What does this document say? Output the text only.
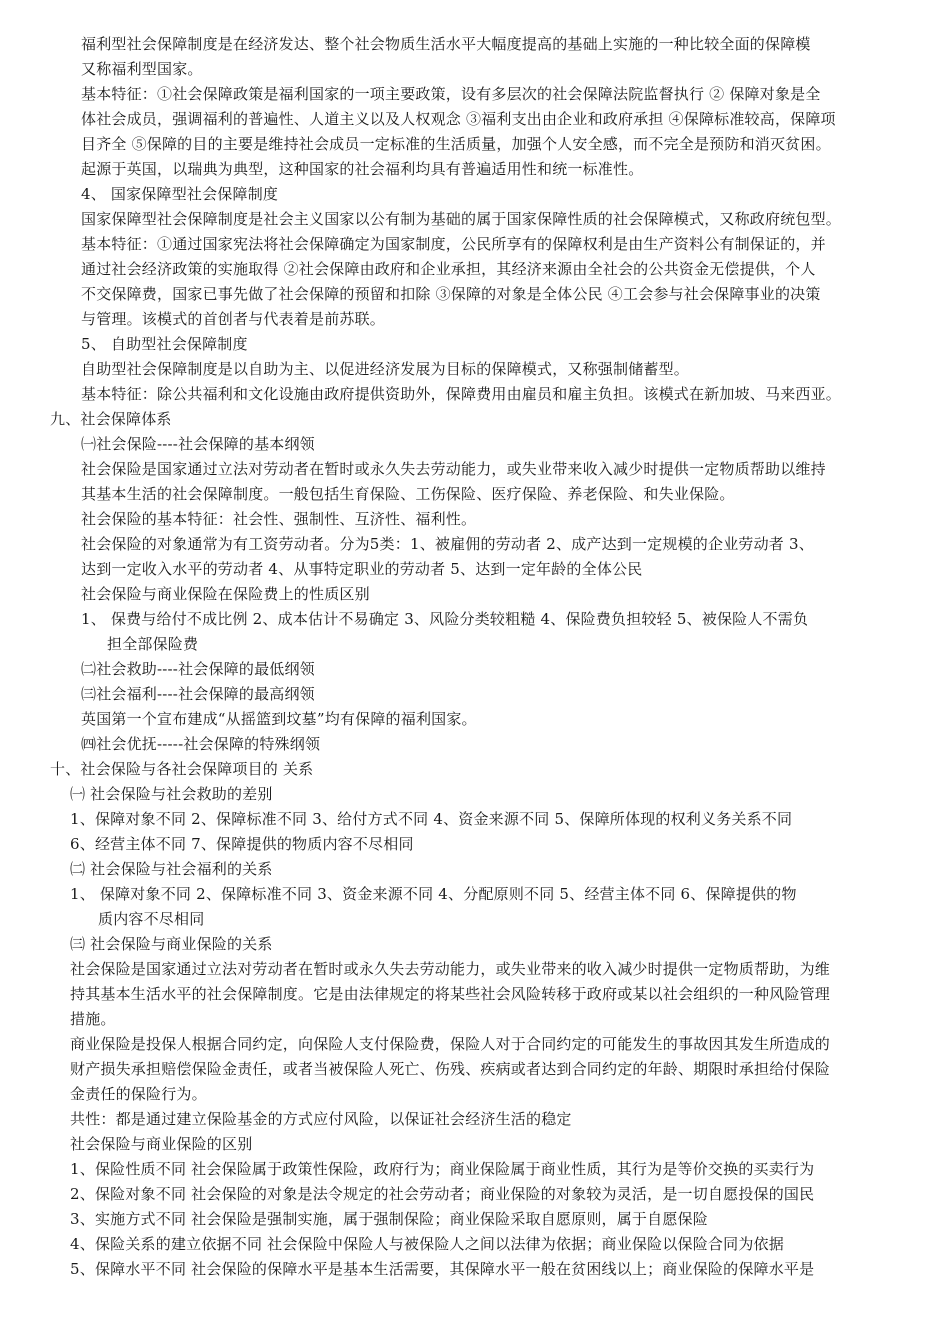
福利型社会保障制度是在经济发达、整个社会物质生活水平大幅度提高的基础上实施的一种比较全面的保障模
又称福利型国家。
基本特征：①社会保障政策是福利国家的一项主要政策，设有多层次的社会保障法院监督执行 ② 保障对象是全
体社会成员，强调福利的普遍性、人道主义以及人权观念 ③福利支出由企业和政府承担 ④保障标准较高，保障项
目齐全 ⑤保障的目的主要是维持社会成员一定标准的生活质量，加强个人安全感，而不完全是预防和消灭贫困。
起源于英国，以瑞典为典型，这种国家的社会福利均具有普遍适用性和统一标准性。
4、 国家保障型社会保障制度
国家保障型社会保障制度是社会主义国家以公有制为基础的属于国家保障性质的社会保障模式，又称政府统包型。
基本特征：①通过国家宪法将社会保障确定为国家制度，公民所享有的保障权利是由生产资料公有制保证的，并
通过社会经济政策的实施取得 ②社会保障由政府和企业承担，其经济来源由全社会的公共资金无偿提供，个人
不交保障费，国家已事先做了社会保障的预留和扣除 ③保障的对象是全体公民 ④工会参与社会保障事业的决策
与管理。该模式的首创者与代表着是前苏联。
5、 自助型社会保障制度
自助型社会保障制度是以自助为主、以促进经济发展为目标的保障模式，又称强制储蓄型。
基本特征：除公共福利和文化设施由政府提供资助外，保障费用由雇员和雇主负担。该模式在新加坡、马来西亚。
九、社会保障体系
㈠社会保险----社会保障的基本纲领
社会保险是国家通过立法对劳动者在暂时或永久失去劳动能力，或失业带来收入减少时提供一定物质帮助以维持
其基本生活的社会保障制度。一般包括生育保险、工伤保险、医疗保险、养老保险、和失业保险。
社会保险的基本特征：社会性、强制性、互济性、福利性。
社会保险的对象通常为有工资劳动者。分为5类：1、被雇佣的劳动者 2、成产达到一定规模的企业劳动者 3、
达到一定收入水平的劳动者 4、从事特定职业的劳动者 5、达到一定年龄的全体公民
社会保险与商业保险在保险费上的性质区别
1、 保费与给付不成比例 2、成本估计不易确定 3、风险分类较粗糙 4、保险费负担较轻 5、被保险人不需负
担全部保险费
㈡社会救助----社会保障的最低纲领
㈢社会福利----社会保障的最高纲领
英国第一个宣布建成“从摇篮到坟墓”均有保障的福利国家。
㈣社会优抚-----社会保障的特殊纲领
十、社会保险与各社会保障项目的 关系
㈠ 社会保险与社会救助的差别
1、保障对象不同 2、保障标准不同 3、给付方式不同 4、资金来源不同 5、保障所体现的权利义务关系不同
6、经营主体不同 7、保障提供的物质内容不尽相同
㈡ 社会保险与社会福利的关系
1、 保障对象不同 2、保障标准不同 3、资金来源不同 4、分配原则不同 5、经营主体不同 6、保障提供的物
质内容不尽相同
㈢ 社会保险与商业保险的关系
社会保险是国家通过立法对劳动者在暂时或永久失去劳动能力，或失业带来的收入减少时提供一定物质帮助，为维
持其基本生活水平的社会保障制度。它是由法律规定的将某些社会风险转移于政府或某以社会组织的一种风险管理
措施。
商业保险是投保人根据合同约定，向保险人支付保险费，保险人对于合同约定的可能发生的事故因其发生所造成的
财产损失承担赔偿保险金责任，或者当被保险人死亡、伤残、疾病或者达到合同约定的年龄、期限时承担给付保险
金责任的保险行为。
共性：都是通过建立保险基金的方式应付风险，以保证社会经济生活的稳定
社会保险与商业保险的区别
1、保险性质不同 社会保险属于政策性保险，政府行为；商业保险属于商业性质，其行为是等价交换的买卖行为
2、保险对象不同 社会保险的对象是法令规定的社会劳动者；商业保险的对象较为灵活，是一切自愿投保的国民
3、实施方式不同 社会保险是强制实施，属于强制保险；商业保险采取自愿原则，属于自愿保险
4、保险关系的建立依据不同 社会保险中保险人与被保险人之间以法律为依据；商业保险以保险合同为依据
5、保障水平不同 社会保险的保障水平是基本生活需要，其保障水平一般在贫困线以上；商业保险的保障水平是
